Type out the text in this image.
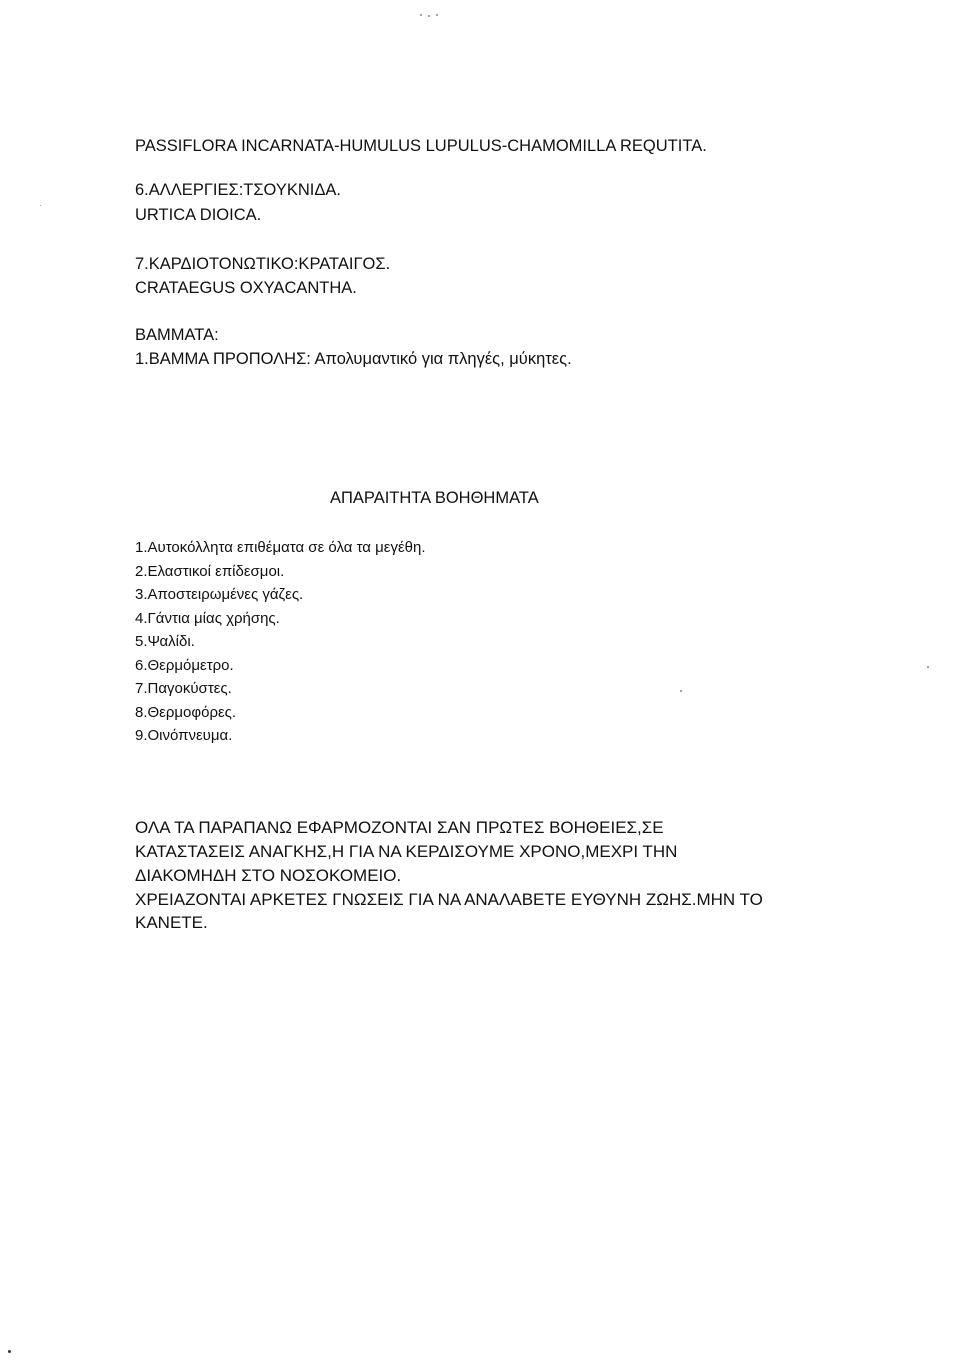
PASSIFLORA INCARNATA-HUMULUS LUPULUS-CHAMOMILLA REQUTITA.
6.ΑΛΛΕΡΓΙΕΣ:ΤΣΟΥΚΝΙΔΑ.
URTICA DIOICA.
7.ΚΑΡΔΙΟΤΟΝΩΤΙΚΟ:ΚΡΑΤΑΙΓΟΣ.
CRATAEGUS OXYACANTHA.
ΒΑΜΜΑΤΑ:
1.ΒΑΜΜΑ ΠΡΟΠΟΛΗΣ: Απολυμαντικό για πληγές, μύκητες.
ΑΠΑΡΑΙΤΗΤΑ ΒΟΗΘΗΜΑΤΑ
1.Αυτοκόλλητα επιθέματα σε όλα τα μεγέθη.
2.Ελαστικοί επίδεσμοι.
3.Αποστειρωμένες γάζες.
4.Γάντια μίας χρήσης.
5.Ψαλίδι.
6.Θερμόμετρο.
7.Παγοκύστες.
8.Θερμοφόρες.
9.Οινόπνευμα.
ΟΛΑ ΤΑ ΠΑΡΑΠΑΝΩ ΕΦΑΡΜΟΖΟΝΤΑΙ ΣΑΝ ΠΡΩΤΕΣ ΒΟΗΘΕΙΕΣ,ΣΕ
ΚΑΤΑΣΤΑΣΕΙΣ ΑΝΑΓΚΗΣ,Η ΓΙΑ ΝΑ ΚΕΡΔΙΣΟΥΜΕ ΧΡΟΝΟ,ΜΕΧΡΙ ΤΗΝ
ΔΙΑΚΟΜΗΔΗ ΣΤΟ ΝΟΣΟΚΟΜΕΙΟ.
ΧΡΕΙΑΖΟΝΤΑΙ ΑΡΚΕΤΕΣ ΓΝΩΣΕΙΣ ΓΙΑ ΝΑ ΑΝΑΛΑΒΕΤΕ ΕΥΘΥΝΗ ΖΩΗΣ.ΜΗΝ ΤΟ
ΚΑΝΕΤΕ.
